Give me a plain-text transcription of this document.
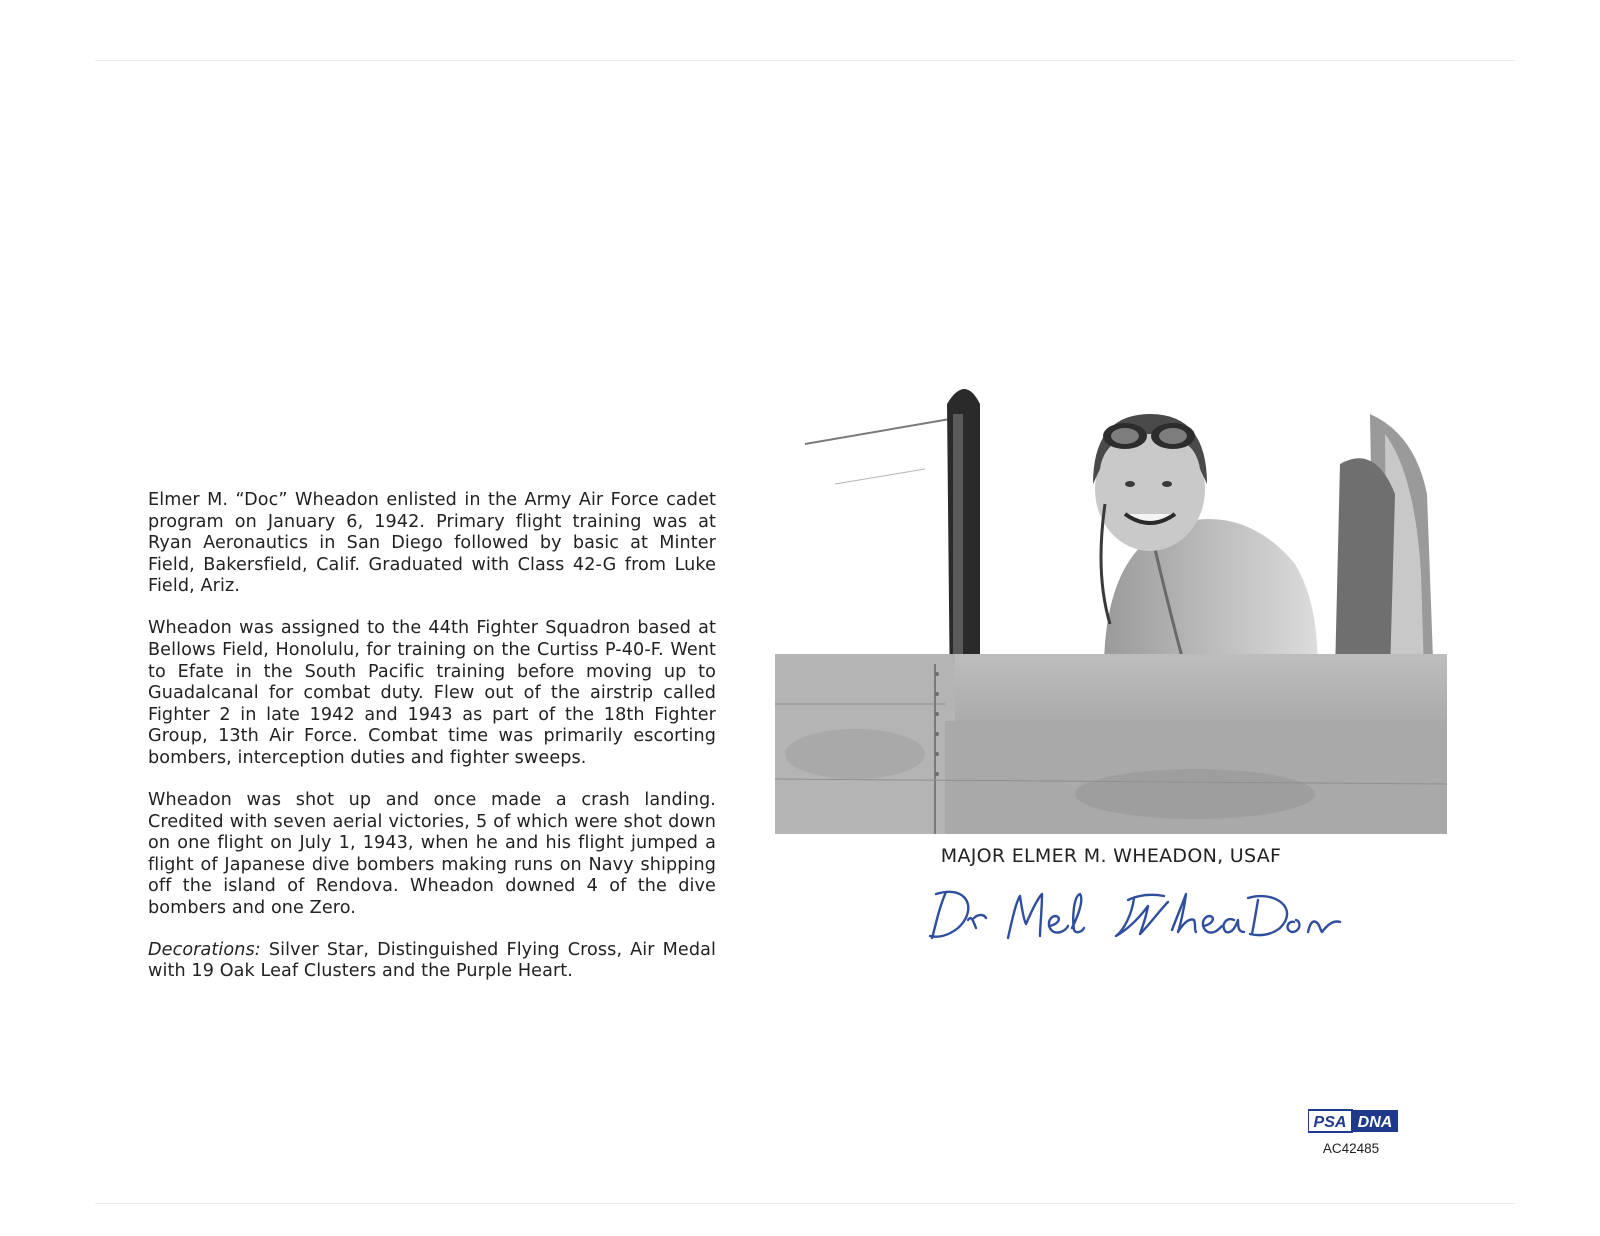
Elmer M. “Doc” Wheadon enlisted in the Army Air Force cadet program on January 6, 1942. Primary flight training was at Ryan Aeronautics in San Diego followed by basic at Minter Field, Bakersfield, Calif. Graduated with Class 42-G from Luke Field, Ariz.

Wheadon was assigned to the 44th Fighter Squadron based at Bellows Field, Honolulu, for training on the Curtiss P-40-F. Went to Efate in the South Pacific training before moving up to Guadalcanal for combat duty. Flew out of the airstrip called Fighter 2 in late 1942 and 1943 as part of the 18th Fighter Group, 13th Air Force. Combat time was primarily escorting bombers, interception duties and fighter sweeps.

Wheadon was shot up and once made a crash landing. Credited with seven aerial victories, 5 of which were shot down on one flight on July 1, 1943, when he and his flight jumped a flight of Japanese dive bombers making runs on Navy shipping off the island of Rendova. Wheadon downed 4 of the dive bombers and one Zero.

Decorations: Silver Star, Distinguished Flying Cross, Air Medal with 19 Oak Leaf Clusters and the Purple Heart.

MAJOR ELMER M. WHEADON, USAF
PSA DNA
AC42485
